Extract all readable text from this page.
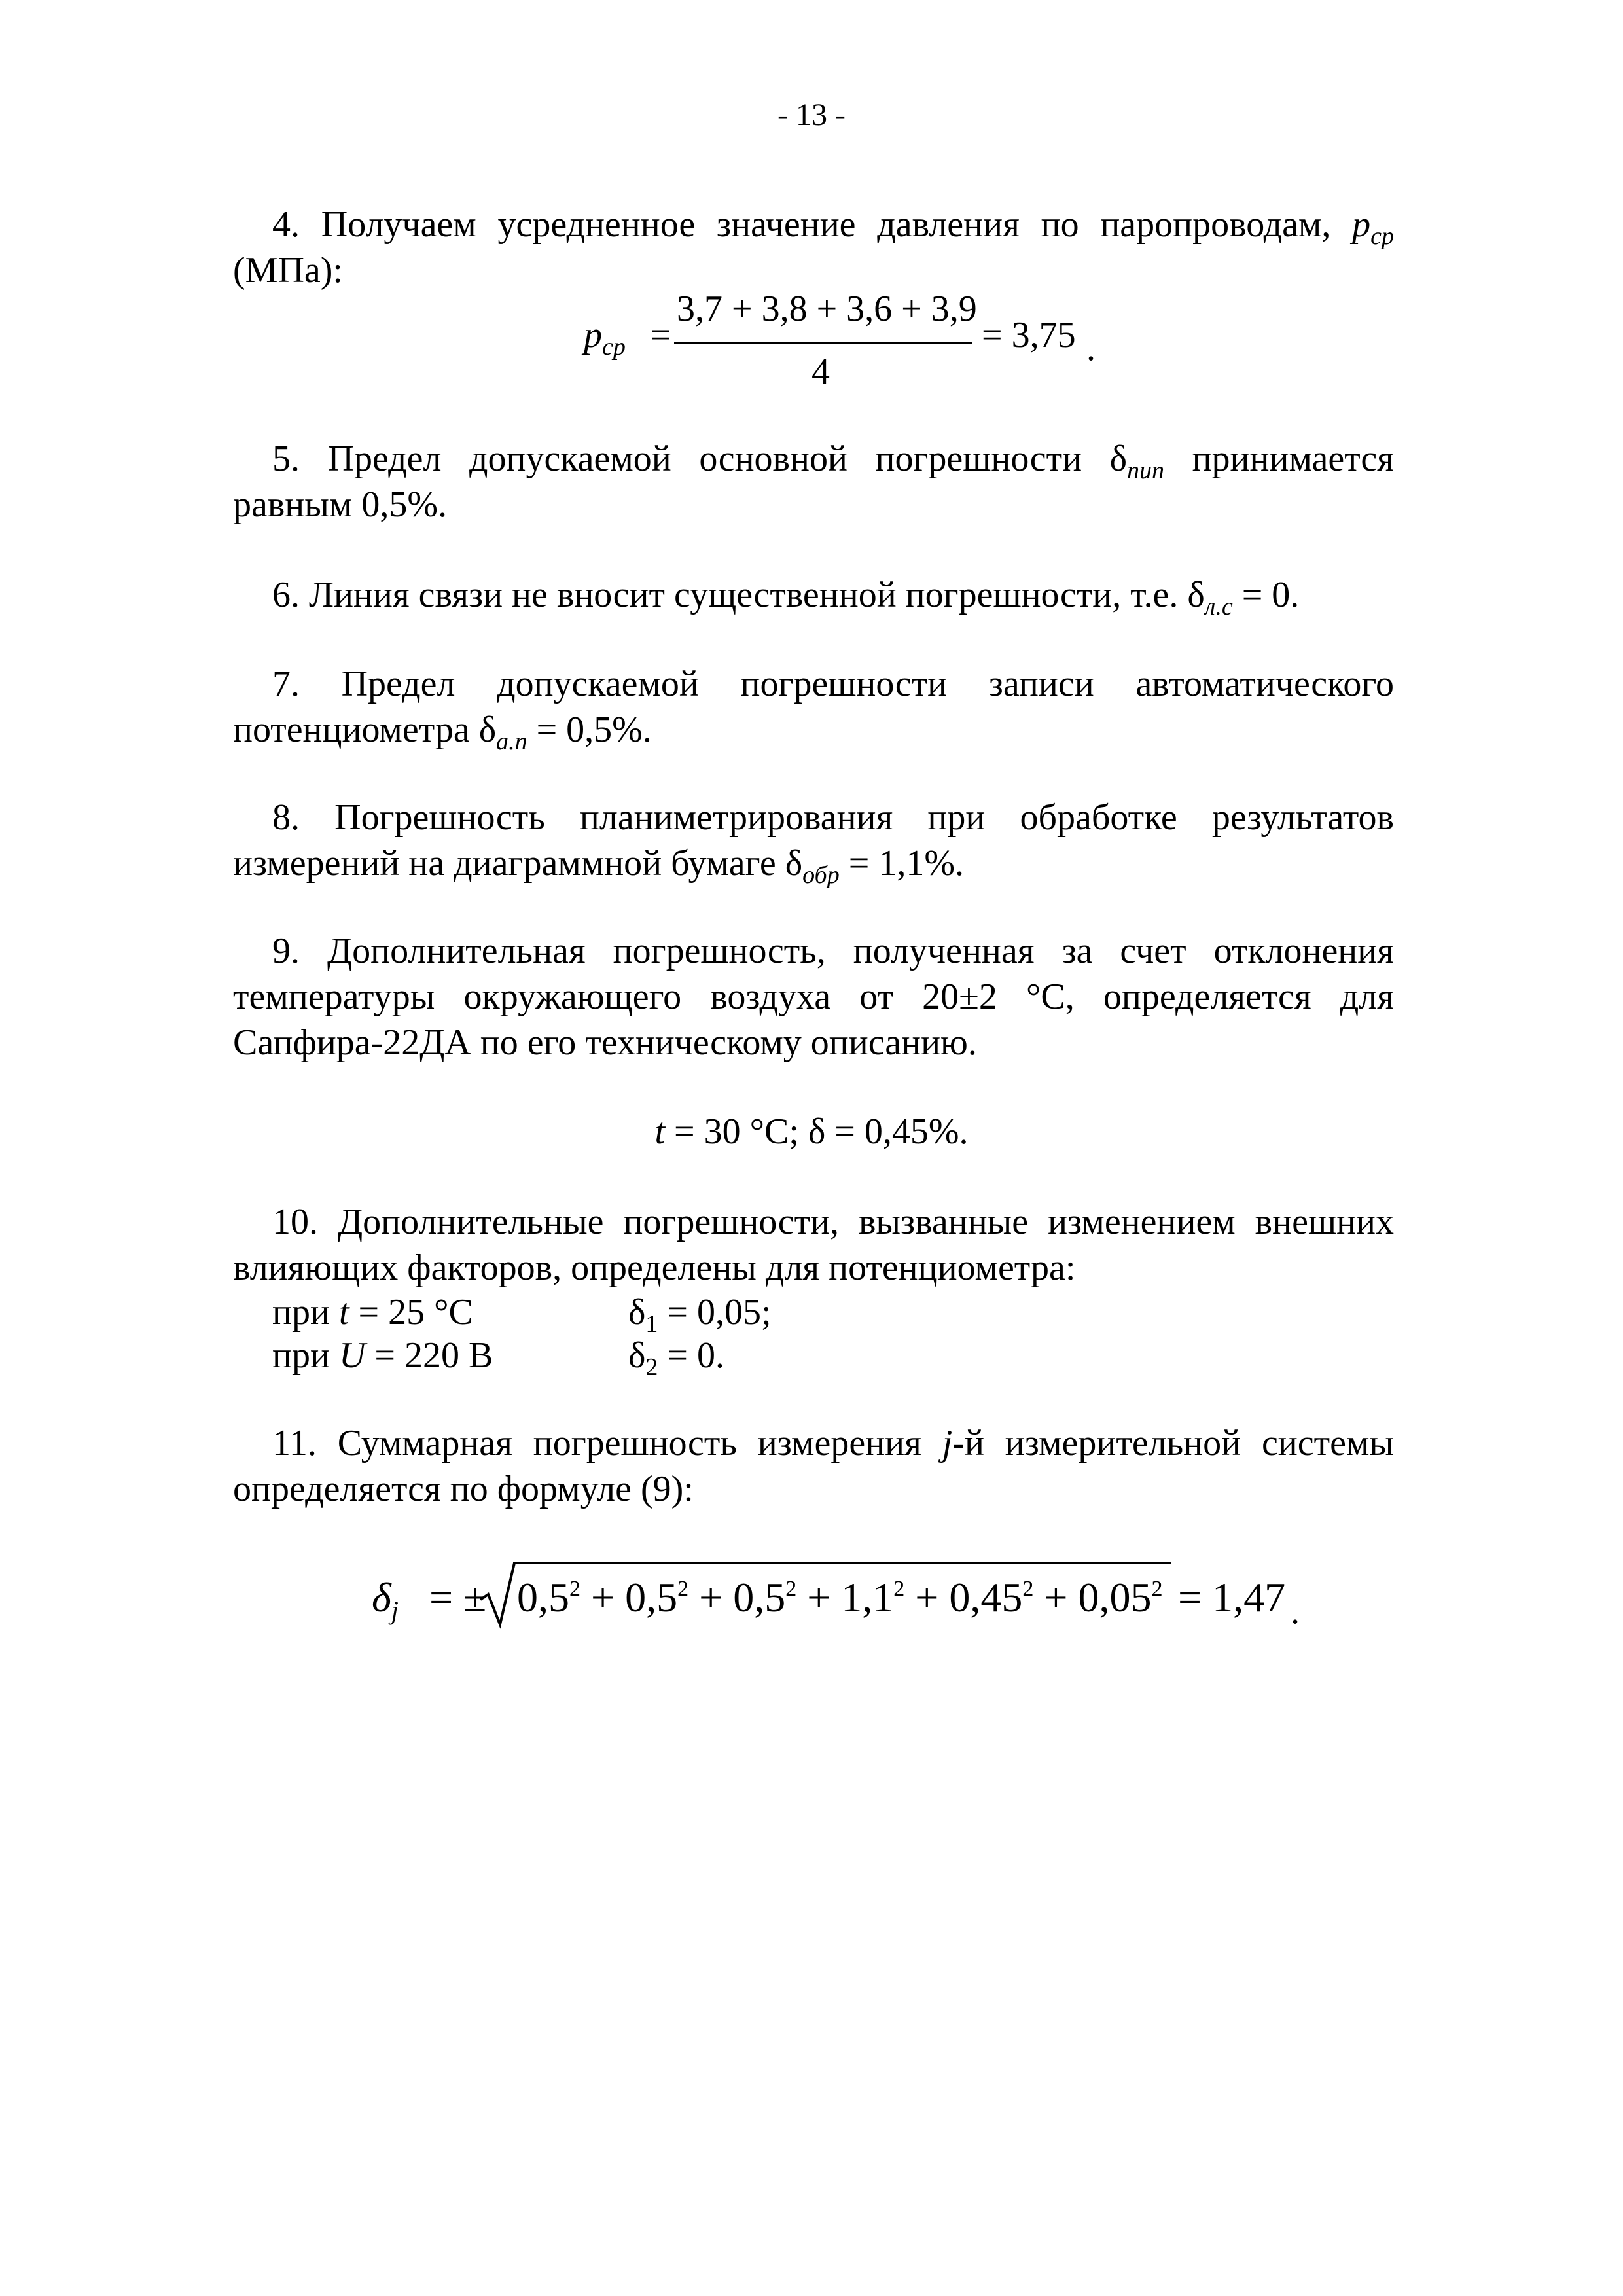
- 13 -
4. Получаем усредненное значение давления по паропроводам, $p_{ср}$
(МПа):
$p_{ср}$ =
3,7 + 3,8 + 3,6 + 3,9
4
= 3,75 .
5. Предел допускаемой основной погрешности $\delta_{пип}$ принимается
равным 0,5%.
6. Линия связи не вносит существенной погрешности, т.е. $\delta_{л.с} = 0$.
7. Предел допускаемой погрешности записи автоматического
потенциометра $\delta_{а.п} = 0,5\%$.
8. Погрешность планиметрирования при обработке результатов
измерений на диаграммной бумаге $\delta_{обр} = 1,1\%$.
9. Дополнительная погрешность, полученная за счет отклонения
температуры окружающего воздуха от 20±2 °С, определяется для
Сапфира-22ДА по его техническому описанию.
t = 30 °С; δ = 0,45%.
10. Дополнительные погрешности, вызванные изменением внешних
влияющих факторов, определены для потенциометра:
при t = 25 °С	$\delta_1 = 0,05$;
при U = 220 В	$\delta_2 = 0$.
11. Суммарная погрешность измерения j-й измерительной системы
определяется по формуле (9):
$\delta_j$ = ± $0,5^2 + 0,5^2 + 0,5^2 + 1,1^2 + 0,45^2 + 0,05^2 = 1,47$ .
